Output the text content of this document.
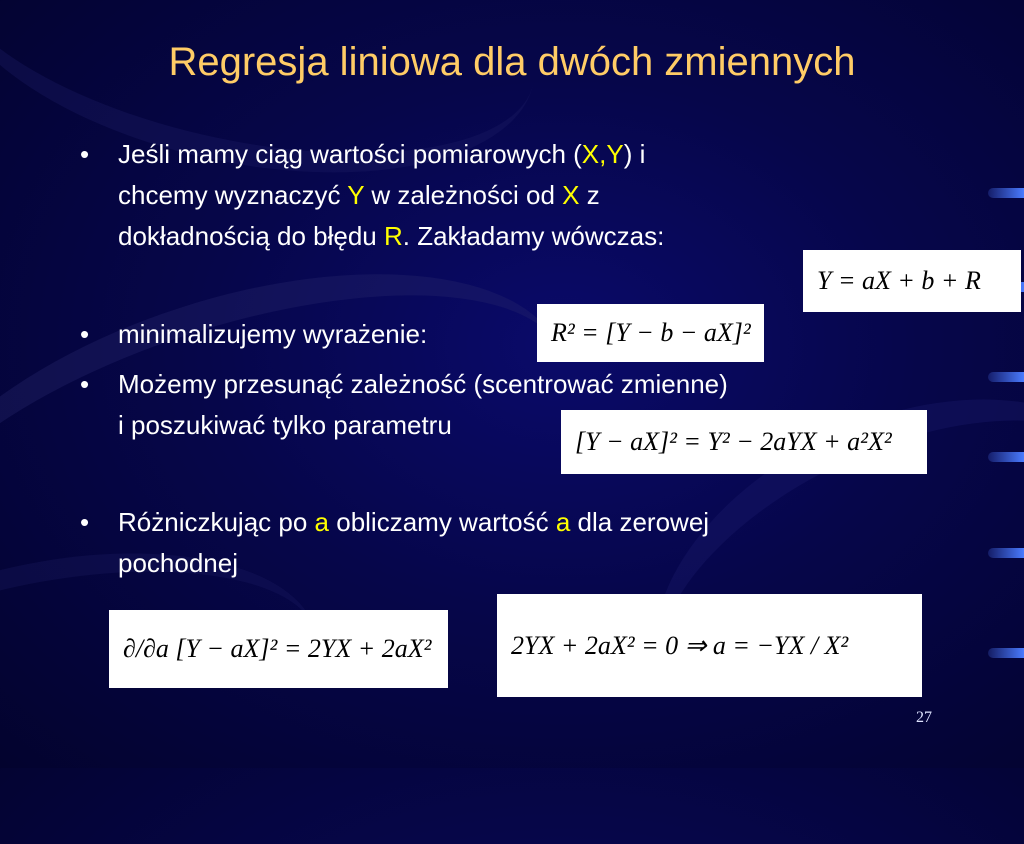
Regresja liniowa dla dwóch zmiennych
• Jeśli mamy ciąg wartości pomiarowych (X,Y) i
chcemy wyznaczyć Y w zależności od X z
dokładnością do błędu R. Zakładamy wówczas:
Y = aX + b + R
• minimalizujemy wyrażenie:	R² = [Y − b − aX]²
• Możemy przesunąć zależność (scentrować zmienne)
i poszukiwać tylko parametru
[Y − aX]² = Y² − 2aYX + a²X²
• Różniczkując po a obliczamy wartość a dla zerowej
pochodnej
∂/∂a [Y − aX]² = 2YX + 2aX²	2YX + 2aX² = 0 ⇒ a = −YX / X²
27
